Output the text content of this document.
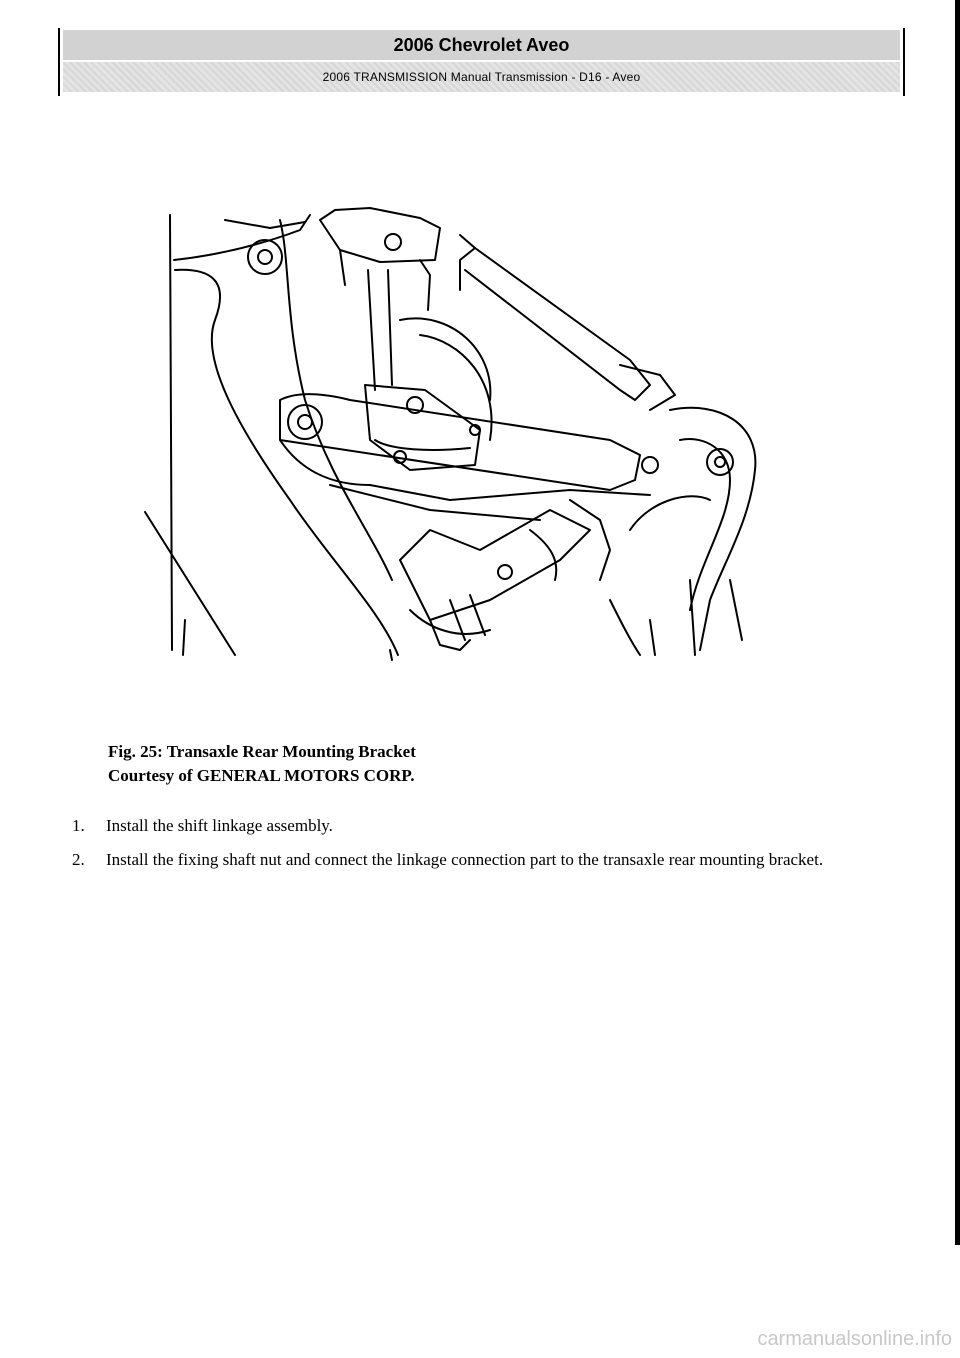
2006 Chevrolet Aveo
2006 TRANSMISSION Manual Transmission - D16 - Aveo
Fig. 25: Transaxle Rear Mounting Bracket
Courtesy of GENERAL MOTORS CORP.
1.	Install the shift linkage assembly.
2.	Install the fixing shaft nut and connect the linkage connection part to the transaxle rear mounting bracket.
carmanualsonline.info
